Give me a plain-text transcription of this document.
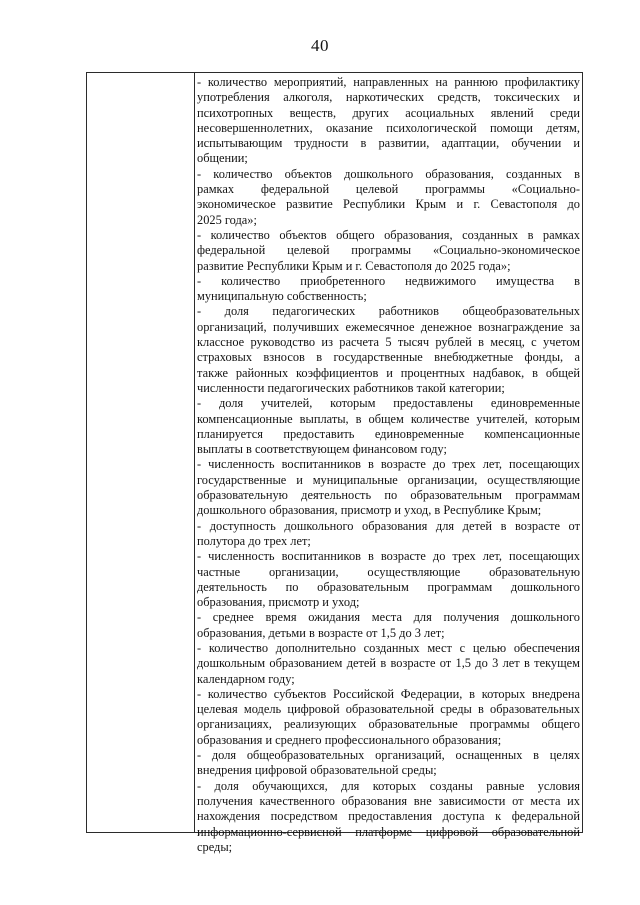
40
- количество мероприятий, направленных на раннюю профилактику
употребления алкоголя, наркотических средств, токсических и
психотропных веществ, других асоциальных явлений среди
несовершеннолетних, оказание психологической помощи детям,
испытывающим трудности в развитии, адаптации, обучении и
общении;
- количество объектов дошкольного образования, созданных в
рамках федеральной целевой программы «Социально-
экономическое развитие Республики Крым и г. Севастополя до
2025 года»;
- количество объектов общего образования, созданных в рамках
федеральной целевой программы «Социально-экономическое
развитие Республики Крым и г. Севастополя до 2025 года»;
- количество приобретенного недвижимого имущества в
муниципальную собственность;
- доля педагогических работников общеобразовательных
организаций, получивших ежемесячное денежное вознаграждение за
классное руководство из расчета 5 тысяч рублей в месяц, с учетом
страховых взносов в государственные внебюджетные фонды, а
также районных коэффициентов и процентных надбавок, в общей
численности педагогических работников такой категории;
- доля учителей, которым предоставлены единовременные
компенсационные выплаты, в общем количестве учителей, которым
планируется предоставить единовременные компенсационные
выплаты в соответствующем финансовом году;
- численность воспитанников в возрасте до трех лет, посещающих
государственные и муниципальные организации, осуществляющие
образовательную деятельность по образовательным программам
дошкольного образования, присмотр и уход, в Республике Крым;
- доступность дошкольного образования для детей в возрасте от
полутора до трех лет;
- численность воспитанников в возрасте до трех лет, посещающих
частные организации, осуществляющие образовательную
деятельность по образовательным программам дошкольного
образования, присмотр и уход;
- среднее время ожидания места для получения дошкольного
образования, детьми в возрасте от 1,5 до 3 лет;
- количество дополнительно созданных мест с целью обеспечения
дошкольным образованием детей в возрасте от 1,5 до 3 лет в текущем
календарном году;
- количество субъектов Российской Федерации, в которых внедрена
целевая модель цифровой образовательной среды в образовательных
организациях, реализующих образовательные программы общего
образования и среднего профессионального образования;
- доля общеобразовательных организаций, оснащенных в целях
внедрения цифровой образовательной среды;
- доля обучающихся, для которых созданы равные условия
получения качественного образования вне зависимости от места их
нахождения посредством предоставления доступа к федеральной
информационно-сервисной платформе цифровой образовательной
среды;
